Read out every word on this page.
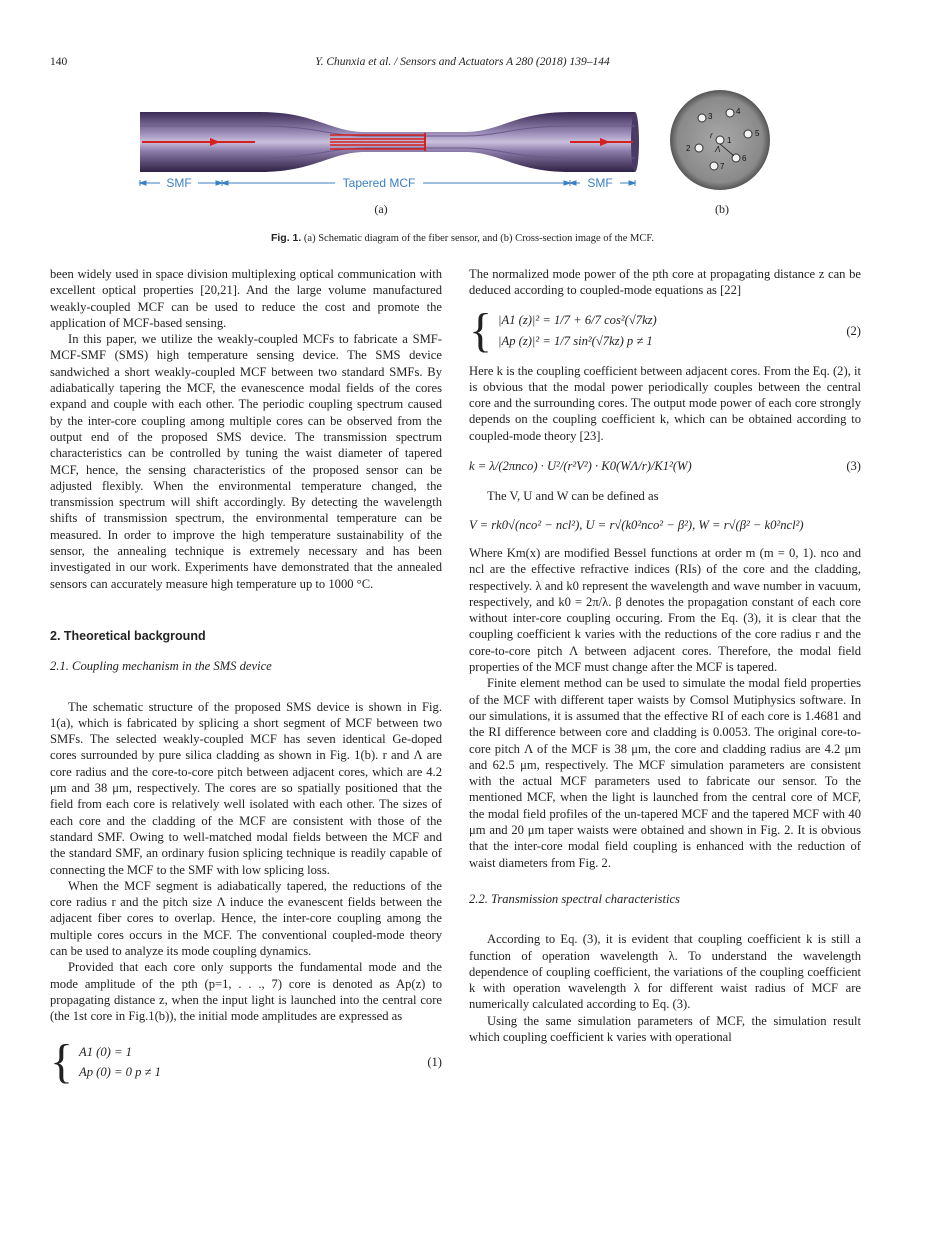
140	Y. Chunxia et al. / Sensors and Actuators A 280 (2018) 139–144
SMF	Tapered MCF	SMF
(a)
1
2
3
4
5
6
7
r
Λ
(b)
Fig. 1. (a) Schematic diagram of the fiber sensor, and (b) Cross-section image of the MCF.

been widely used in space division multiplexing optical communication with excellent optical properties [20,21]. And the large volume manufactured weakly-coupled MCF can be used to reduce the cost and promote the application of MCF-based sensing.

In this paper, we utilize the weakly-coupled MCFs to fabricate a SMF-MCF-SMF (SMS) high temperature sensing device. The SMS device sandwiched a short weakly-coupled MCF between two standard SMFs. By adiabatically tapering the MCF, the evanescence modal fields of the cores expand and couple with each other. The periodic coupling spectrum caused by the inter-core coupling among multiple cores can be observed from the output end of the proposed SMS device. The transmission spectrum characteristics can be controlled by tuning the waist diameter of tapered MCF, hence, the sensing characteristics of the proposed sensor can be adjusted flexibly. When the environmental temperature changed, the transmission spectrum will shift accordingly. By detecting the wavelength shifts of transmission spectrum, the environmental temperature can be measured. In order to improve the high temperature sustainability of the sensor, the annealing technique is extremely necessary and has been investigated in our work. Experiments have demonstrated that the annealed sensors can accurately measure high temperature up to 1000 °C.

2. Theoretical background
2.1. Coupling mechanism in the SMS device

The schematic structure of the proposed SMS device is shown in Fig. 1(a), which is fabricated by splicing a short segment of MCF between two SMFs. The selected weakly-coupled MCF has seven identical Ge-doped cores surrounded by pure silica cladding as shown in Fig. 1(b). r and Λ are core radius and the core-to-core pitch between adjacent cores, which are 4.2 μm and 38 μm, respectively. The cores are so spatially positioned that the field from each core is relatively well isolated with each other. The sizes of each core and the cladding of the MCF are consistent with those of the standard SMF. Owing to well-matched modal fields between the MCF and the standard SMF, an ordinary fusion splicing technique is readily capable of connecting the MCF to the SMF with low splicing loss.

When the MCF segment is adiabatically tapered, the reductions of the core radius r and the pitch size Λ induce the evanescent fields between the adjacent fiber cores to overlap. Hence, the inter-core coupling among the multiple cores occurs in the MCF. The conventional coupled-mode theory can be used to analyze its mode coupling dynamics.

Provided that each core only supports the fundamental mode and the mode amplitude of the pth (p=1, . . ., 7) core is denoted as Ap(z) to propagating distance z, when the input light is launched into the central core (the 1st core in Fig.1(b)), the initial mode amplitudes are expressed as

{ A1 (0) = 1
Ap (0) = 0 p ≠ 1
(1)

The normalized mode power of the pth core at propagating distance z can be deduced according to coupled-mode equations as [22]

{ |A1 (z)|² = 1/7 + 6/7 cos²(√7kz)
|Ap (z)|² = 1/7 sin²(√7kz) p ≠ 1
(2)

Here k is the coupling coefficient between adjacent cores. From the Eq. (2), it is obvious that the modal power periodically couples between the central core and the surrounding cores. The output mode power of each core strongly depends on the coupling coefficient k, which can be obtained according to coupled-mode theory [23].

k = λ/(2πnco) · U²/(r²V²) · K0(WΛ/r)/K1²(W)	(3)

The V, U and W can be defined as

V = rk0√(nco² − ncl²), U = r√(k0²nco² − β²), W = r√(β² − k0²ncl²)

Where Km(x) are modified Bessel functions at order m (m = 0, 1). nco and ncl are the effective refractive indices (RIs) of the core and the cladding, respectively. λ and k0 represent the wavelength and wave number in vacuum, respectively, and k0 = 2π/λ. β denotes the propagation constant of each core without inter-core coupling occuring. From the Eq. (3), it is clear that the coupling coefficient k varies with the reductions of the core radius r and the core-to-core pitch Λ between adjacent cores. Therefore, the modal field properties of the MCF must change after the MCF is tapered.

Finite element method can be used to simulate the modal field properties of the MCF with different taper waists by Comsol Mutiphysics software. In our simulations, it is assumed that the effective RI of each core is 1.4681 and the RI difference between core and cladding is 0.0053. The original core-to-core pitch Λ of the MCF is 38 μm, the core and cladding radius are 4.2 μm and 62.5 μm, respectively. The MCF simulation parameters are consistent with the actual MCF parameters used to fabricate our sensor. To the mentioned MCF, when the light is launched from the central core of MCF, the modal field profiles of the un-tapered MCF and the tapered MCF with 40 μm and 20 μm taper waists were obtained and shown in Fig. 2. It is obvious that the inter-core modal field coupling is enhanced with the reduction of waist diameters from Fig. 2.

2.2. Transmission spectral characteristics

According to Eq. (3), it is evident that coupling coefficient k is still a function of operation wavelength λ. To understand the wavelength dependence of coupling coefficient, the variations of the coupling coefficient k with operation wavelength λ for different waist radius of MCF are numerically calculated according to Eq. (3).

Using the same simulation parameters of MCF, the simulation result which coupling coefficient k varies with operational
